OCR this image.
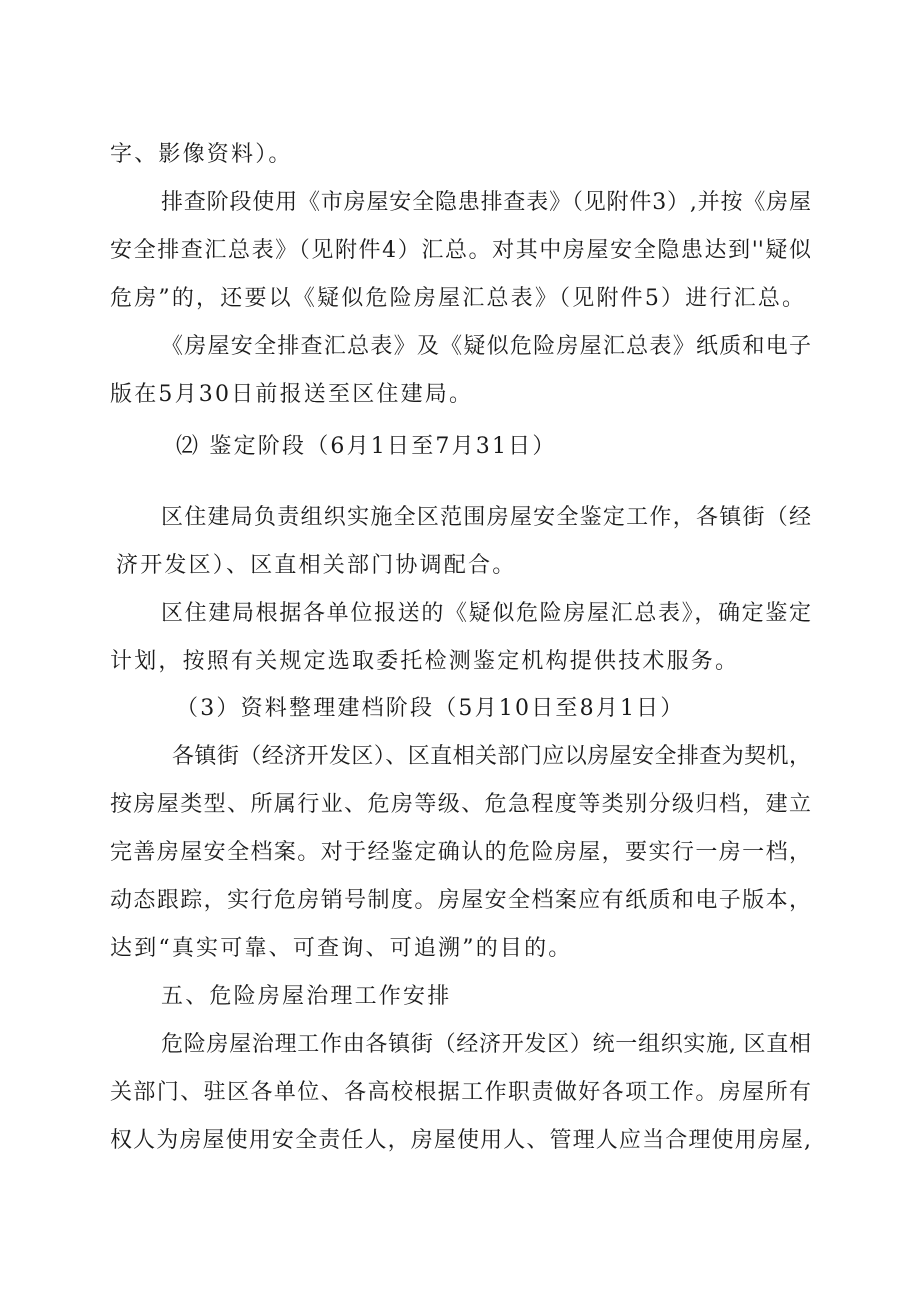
字、影像资料）。
排查阶段使用《市房屋安全隐患排查表》（见附件3）,并按《房屋
安全排查汇总表》（见附件4）汇总。对其中房屋安全隐患达到''疑似
危房”的，还要以《疑似危险房屋汇总表》（见附件5）进行汇总。
《房屋安全排查汇总表》及《疑似危险房屋汇总表》纸质和电子
版在5月30日前报送至区住建局。
⑵ 鉴定阶段（6月1日至7月31日）
区住建局负责组织实施全区范围房屋安全鉴定工作，各镇街（经
济开发区）、区直相关部门协调配合。
区住建局根据各单位报送的《疑似危险房屋汇总表》，确定鉴定
计划，按照有关规定选取委托检测鉴定机构提供技术服务。
（3）资料整理建档阶段（5月10日至8月1日）
各镇街（经济开发区）、区直相关部门应以房屋安全排查为契机，
按房屋类型、所属行业、危房等级、危急程度等类别分级归档，建立
完善房屋安全档案。对于经鉴定确认的危险房屋，要实行一房一档，
动态跟踪，实行危房销号制度。房屋安全档案应有纸质和电子版本，
达到“真实可靠、可查询、可追溯”的目的。
五、危险房屋治理工作安排
危险房屋治理工作由各镇街（经济开发区）统一组织实施, 区直相
关部门、驻区各单位、各高校根据工作职责做好各项工作。房屋所有
权人为房屋使用安全责任人，房屋使用人、管理人应当合理使用房屋,
